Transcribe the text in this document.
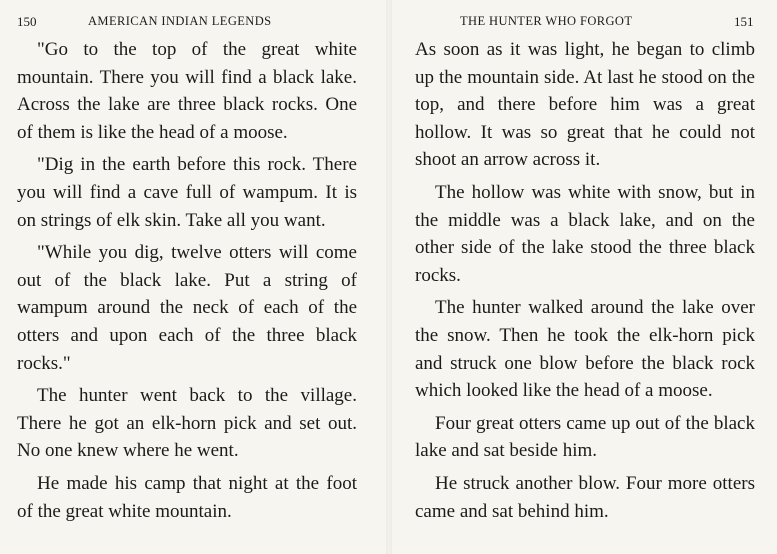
150	AMERICAN INDIAN LEGENDS

"Go to the top of the great white mountain. There you will find a black lake. Across the lake are three black rocks. One of them is like the head of a moose.

"Dig in the earth before this rock. There you will find a cave full of wampum. It is on strings of elk skin. Take all you want.

"While you dig, twelve otters will come out of the black lake. Put a string of wampum around the neck of each of the otters and upon each of the three black rocks."

The hunter went back to the village. There he got an elk-horn pick and set out. No one knew where he went.

He made his camp that night at the foot of the great white mountain.

THE HUNTER WHO FORGOT	151

As soon as it was light, he began to climb up the mountain side. At last he stood on the top, and there before him was a great hollow. It was so great that he could not shoot an arrow across it.

The hollow was white with snow, but in the middle was a black lake, and on the other side of the lake stood the three black rocks.

The hunter walked around the lake over the snow. Then he took the elk-horn pick and struck one blow before the black rock which looked like the head of a moose.

Four great otters came up out of the black lake and sat beside him.

He struck another blow. Four more otters came and sat behind him.
